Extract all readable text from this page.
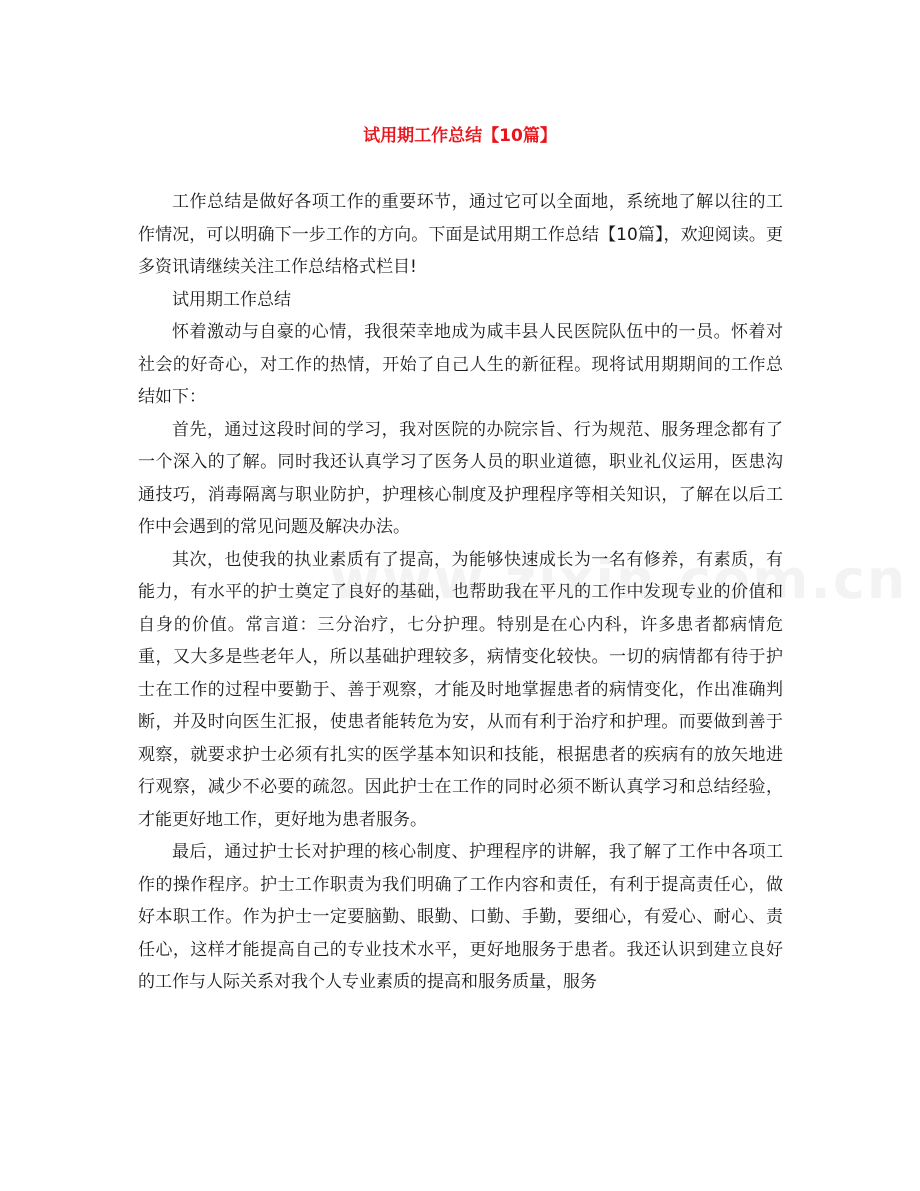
试用期工作总结【10篇】

工作总结是做好各项工作的重要环节，通过它可以全面地，系统地了解以往的工作情况，可以明确下一步工作的方向。下面是试用期工作总结【10篇】，欢迎阅读。更多资讯请继续关注工作总结格式栏目!

试用期工作总结

怀着激动与自豪的心情，我很荣幸地成为咸丰县人民医院队伍中的一员。怀着对社会的好奇心，对工作的热情，开始了自己人生的新征程。现将试用期期间的工作总结如下：

首先，通过这段时间的学习，我对医院的办院宗旨、行为规范、服务理念都有了一个深入的了解。同时我还认真学习了医务人员的职业道德，职业礼仪运用，医患沟通技巧，消毒隔离与职业防护，护理核心制度及护理程序等相关知识，了解在以后工作中会遇到的常见问题及解决办法。

其次，也使我的执业素质有了提高，为能够快速成长为一名有修养，有素质，有能力，有水平的护士奠定了良好的基础，也帮助我在平凡的工作中发现专业的价值和自身的价值。常言道：三分治疗，七分护理。特别是在心内科，许多患者都病情危重，又大多是些老年人，所以基础护理较多，病情变化较快。一切的病情都有待于护士在工作的过程中要勤于、善于观察，才能及时地掌握患者的病情变化，作出准确判断，并及时向医生汇报，使患者能转危为安，从而有利于治疗和护理。而要做到善于观察，就要求护士必须有扎实的医学基本知识和技能，根据患者的疾病有的放矢地进行观察，减少不必要的疏忽。因此护士在工作的同时必须不断认真学习和总结经验，才能更好地工作，更好地为患者服务。

最后，通过护士长对护理的核心制度、护理程序的讲解，我了解了工作中各项工作的操作程序。护士工作职责为我们明确了工作内容和责任，有利于提高责任心，做好本职工作。作为护士一定要脑勤、眼勤、口勤、手勤，要细心，有爱心、耐心、责任心，这样才能提高自己的专业技术水平，更好地服务于患者。我还认识到建立良好的工作与人际关系对我个人专业素质的提高和服务质量，服务
